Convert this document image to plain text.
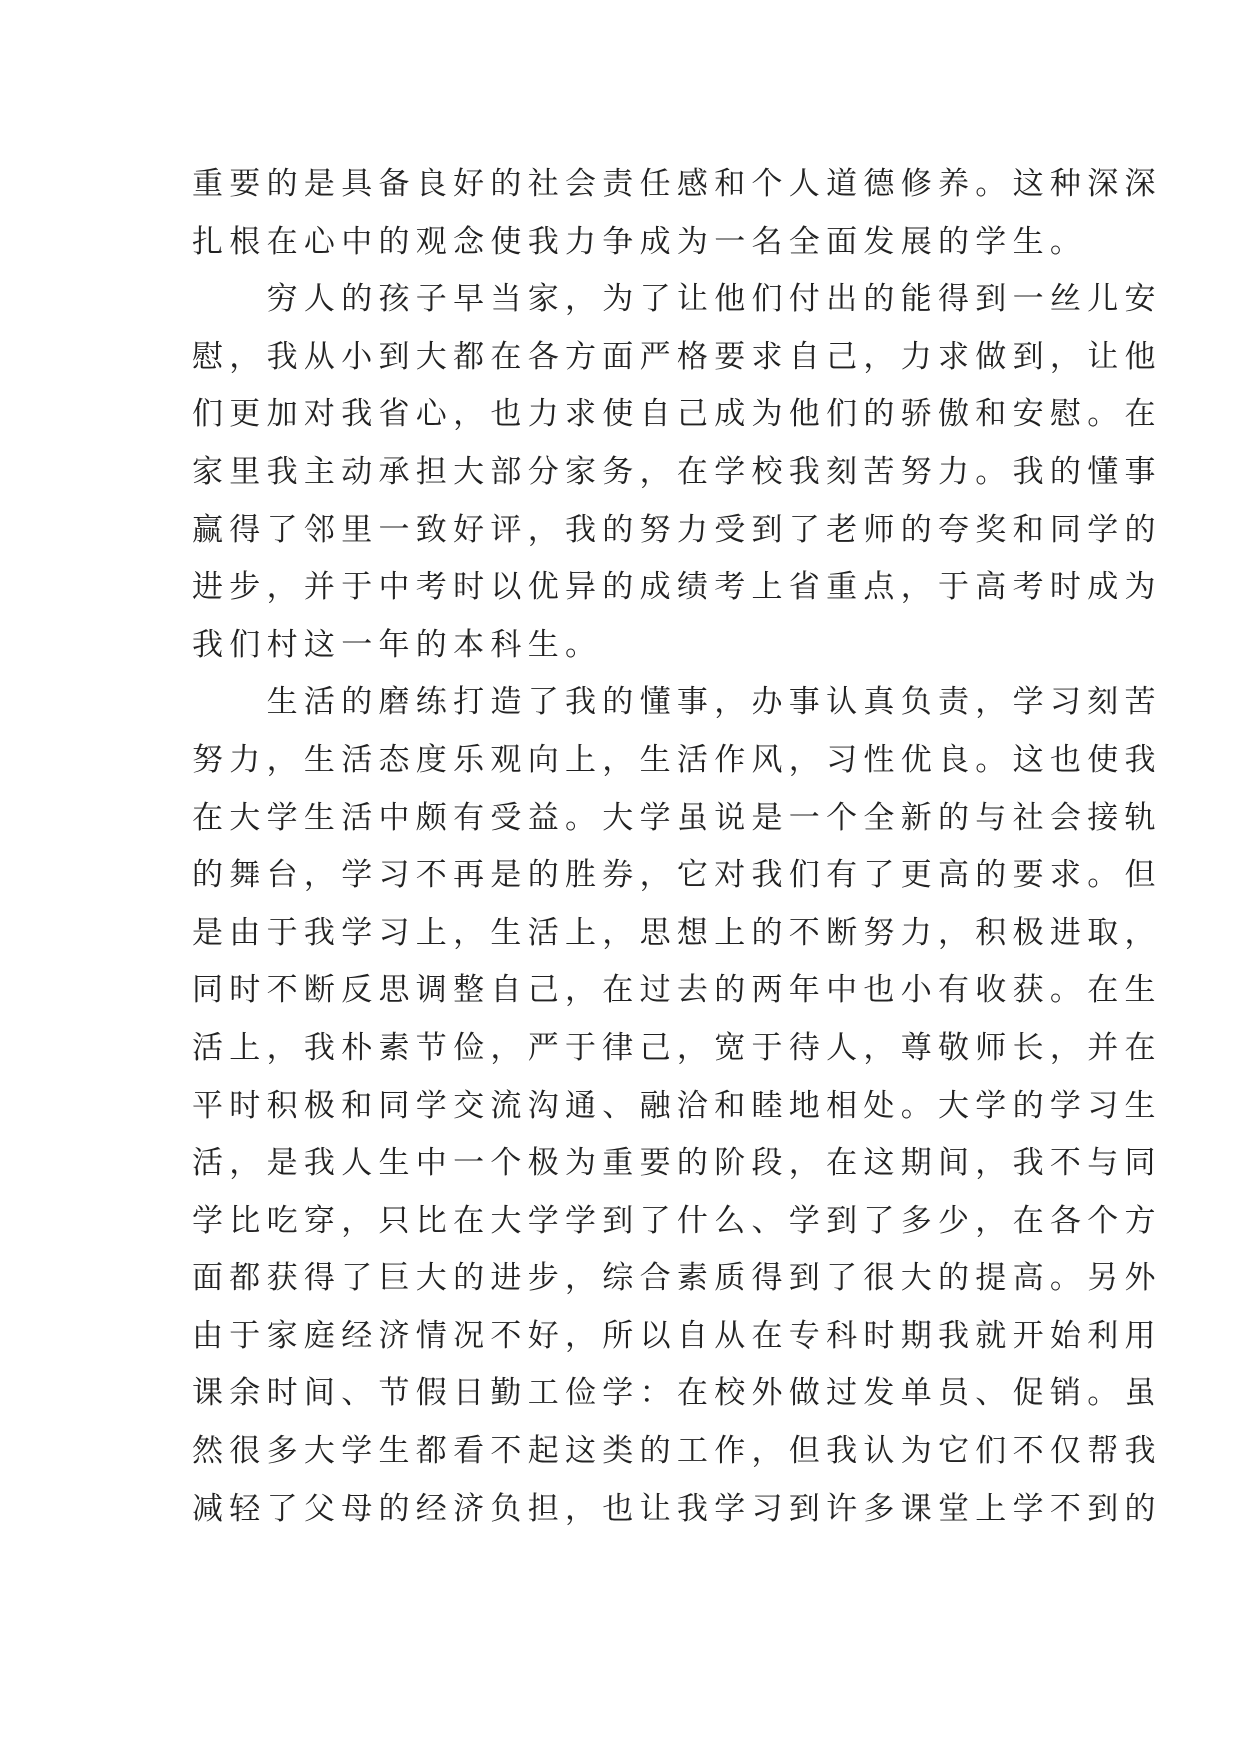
重要的是具备良好的社会责任感和个人道德修养。这种深深
扎根在心中的观念使我力争成为一名全面发展的学生。
　　穷人的孩子早当家，为了让他们付出的能得到一丝儿安
慰，我从小到大都在各方面严格要求自己，力求做到，让他
们更加对我省心，也力求使自己成为他们的骄傲和安慰。在
家里我主动承担大部分家务，在学校我刻苦努力。我的懂事
赢得了邻里一致好评，我的努力受到了老师的夸奖和同学的
进步，并于中考时以优异的成绩考上省重点，于高考时成为
我们村这一年的本科生。
　　生活的磨练打造了我的懂事，办事认真负责，学习刻苦
努力，生活态度乐观向上，生活作风，习性优良。这也使我
在大学生活中颇有受益。大学虽说是一个全新的与社会接轨
的舞台，学习不再是的胜券，它对我们有了更高的要求。但
是由于我学习上，生活上，思想上的不断努力，积极进取，
同时不断反思调整自己，在过去的两年中也小有收获。在生
活上，我朴素节俭，严于律己，宽于待人，尊敬师长，并在
平时积极和同学交流沟通、融洽和睦地相处。大学的学习生
活，是我人生中一个极为重要的阶段，在这期间，我不与同
学比吃穿，只比在大学学到了什么、学到了多少，在各个方
面都获得了巨大的进步，综合素质得到了很大的提高。另外
由于家庭经济情况不好，所以自从在专科时期我就开始利用
课余时间、节假日勤工俭学：在校外做过发单员、促销。虽
然很多大学生都看不起这类的工作，但我认为它们不仅帮我
减轻了父母的经济负担，也让我学习到许多课堂上学不到的
